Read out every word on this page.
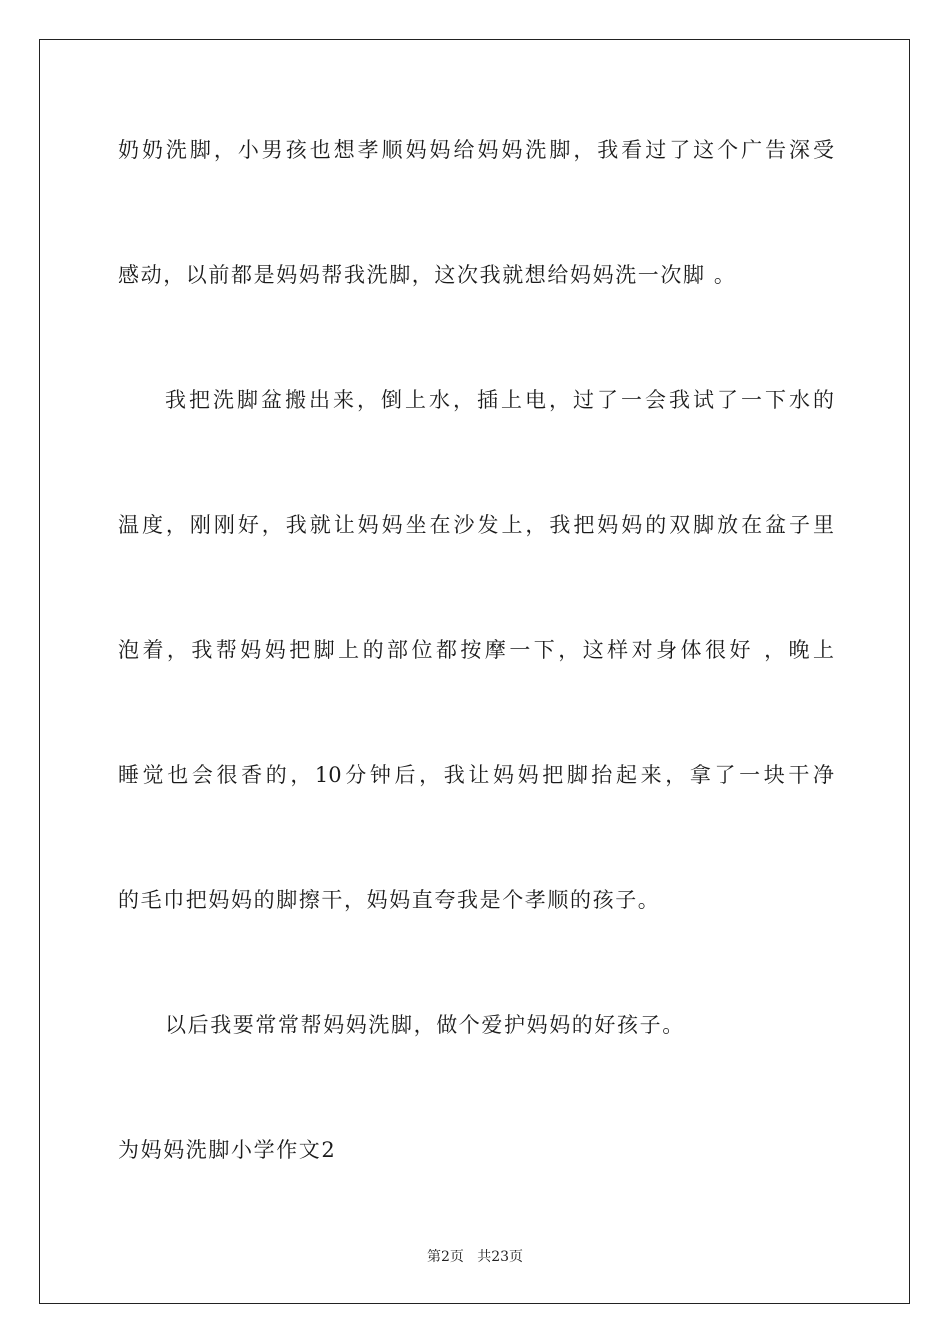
奶奶洗脚，小男孩也想孝顺妈妈给妈妈洗脚，我看过了这个广告深受
感动，以前都是妈妈帮我洗脚，这次我就想给妈妈洗一次脚 。
我把洗脚盆搬出来，倒上水，插上电，过了一会我试了一下水的
温度，刚刚好，我就让妈妈坐在沙发上，我把妈妈的双脚放在盆子里
泡着，我帮妈妈把脚上的部位都按摩一下，这样对身体很好 ，晚上
睡觉也会很香的，10分钟后，我让妈妈把脚抬起来，拿了一块干净
的毛巾把妈妈的脚擦干，妈妈直夸我是个孝顺的孩子。
以后我要常常帮妈妈洗脚，做个爱护妈妈的好孩子。
为妈妈洗脚小学作文2
第2页   共23页
